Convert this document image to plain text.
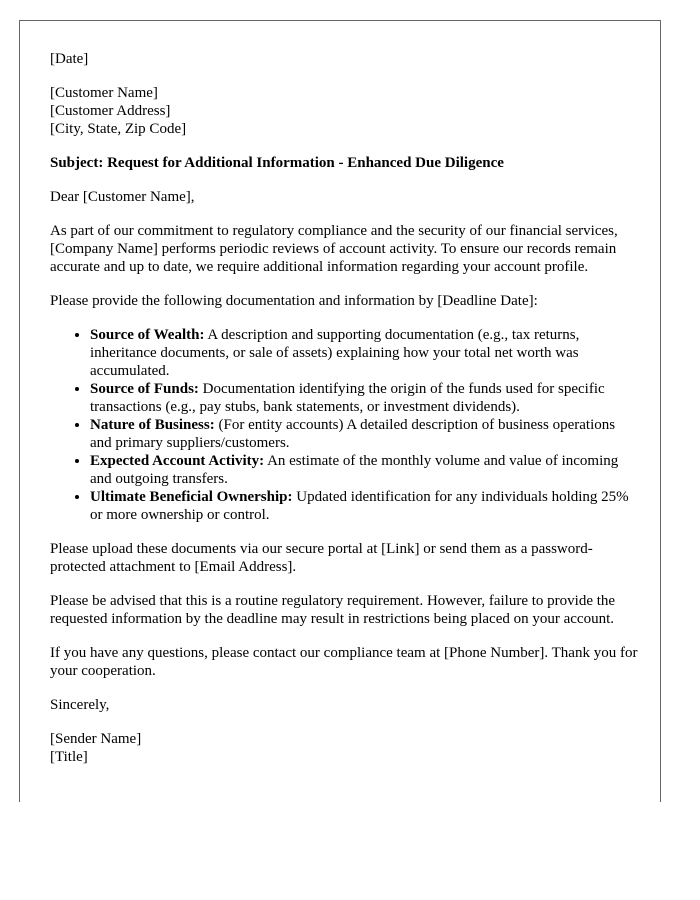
[Date]

[Customer Name]
[Customer Address]
[City, State, Zip Code]

Subject: Request for Additional Information - Enhanced Due Diligence

Dear [Customer Name],

As part of our commitment to regulatory compliance and the security of our financial services, [Company Name] performs periodic reviews of account activity. To ensure our records remain accurate and up to date, we require additional information regarding your account profile.

Please provide the following documentation and information by [Deadline Date]:

• Source of Wealth: A description and supporting documentation (e.g., tax returns, inheritance documents, or sale of assets) explaining how your total net worth was accumulated.
• Source of Funds: Documentation identifying the origin of the funds used for specific transactions (e.g., pay stubs, bank statements, or investment dividends).
• Nature of Business: (For entity accounts) A detailed description of business operations and primary suppliers/customers.
• Expected Account Activity: An estimate of the monthly volume and value of incoming and outgoing transfers.
• Ultimate Beneficial Ownership: Updated identification for any individuals holding 25% or more ownership or control.

Please upload these documents via our secure portal at [Link] or send them as a password-protected attachment to [Email Address].

Please be advised that this is a routine regulatory requirement. However, failure to provide the requested information by the deadline may result in restrictions being placed on your account.

If you have any questions, please contact our compliance team at [Phone Number]. Thank you for your cooperation.

Sincerely,

[Sender Name]
[Title]
